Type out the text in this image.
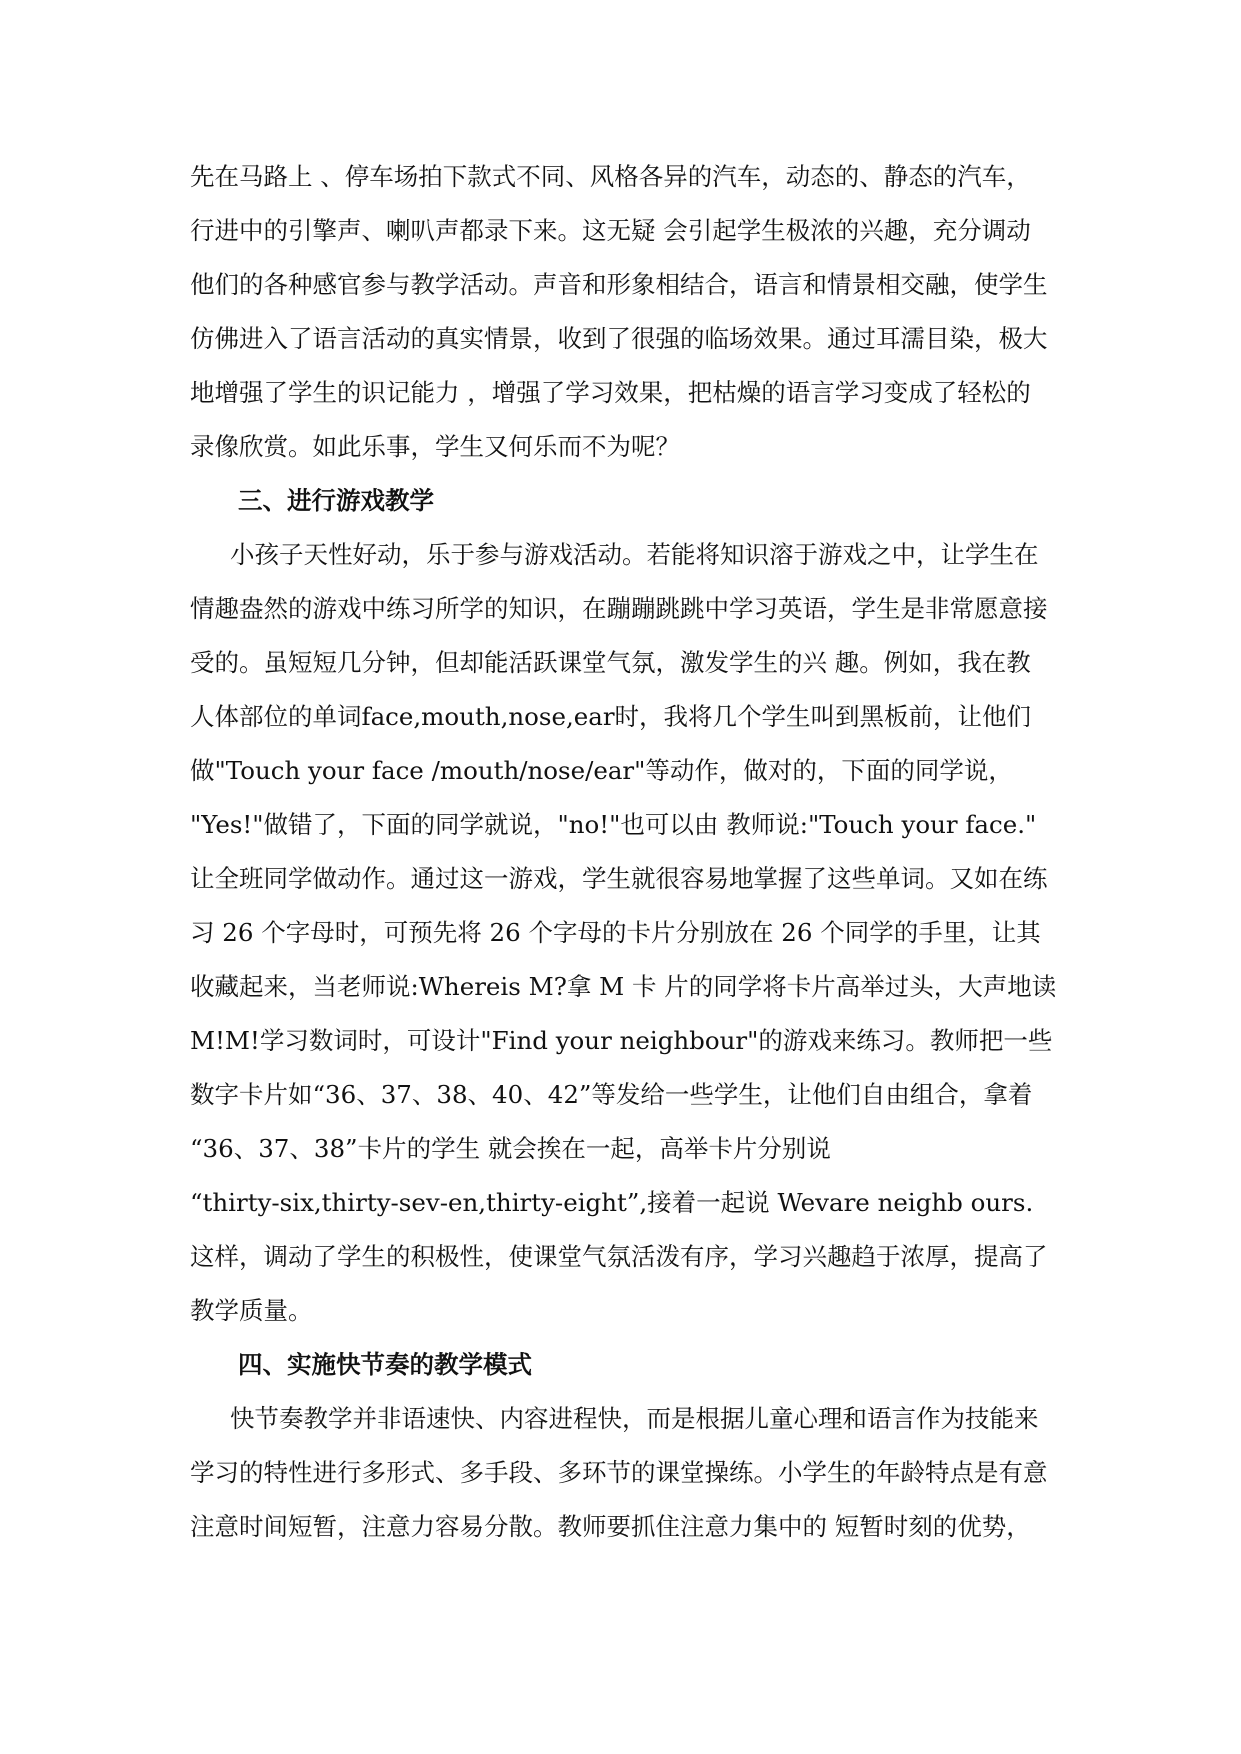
先在马路上 、停车场拍下款式不同、风格各异的汽车，动态的、静态的汽车，
行进中的引擎声、喇叭声都录下来。这无疑 会引起学生极浓的兴趣，充分调动
他们的各种感官参与教学活动。声音和形象相结合，语言和情景相交融，使学生
仿佛进入了语言活动的真实情景，收到了很强的临场效果。通过耳濡目染，极大
地增强了学生的识记能力 ，增强了学习效果，把枯燥的语言学习变成了轻松的
录像欣赏。如此乐事，学生又何乐而不为呢？
三、进行游戏教学
小孩子天性好动，乐于参与游戏活动。若能将知识溶于游戏之中，让学生在
情趣盎然的游戏中练习所学的知识，在蹦蹦跳跳中学习英语，学生是非常愿意接
受的。虽短短几分钟，但却能活跃课堂气氛，激发学生的兴 趣。例如，我在教
人体部位的单词face,mouth,nose,ear时，我将几个学生叫到黑板前，让他们
做"Touch your face /mouth/nose/ear"等动作，做对的，下面的同学说，
"Yes!"做错了，下面的同学就说，"no!"也可以由 教师说:"Touch your face."
让全班同学做动作。通过这一游戏，学生就很容易地掌握了这些单词。又如在练
习 26 个字母时，可预先将 26 个字母的卡片分别放在 26 个同学的手里，让其
收藏起来，当老师说:Whereis M?拿 M 卡 片的同学将卡片高举过头，大声地读
M!M!学习数词时，可设计"Find your neighbour"的游戏来练习。教师把一些
数字卡片如“36、37、38、40、42”等发给一些学生，让他们自由组合，拿着
“36、37、38”卡片的学生 就会挨在一起，高举卡片分别说
“thirty-six,thirty-sev-en,thirty-eight”,接着一起说 Wevare neighb ours.
这样，调动了学生的积极性，使课堂气氛活泼有序，学习兴趣趋于浓厚，提高了
教学质量。
四、实施快节奏的教学模式
快节奏教学并非语速快、内容进程快，而是根据儿童心理和语言作为技能来
学习的特性进行多形式、多手段、多环节的课堂操练。小学生的年龄特点是有意
注意时间短暂，注意力容易分散。教师要抓住注意力集中的 短暂时刻的优势，
